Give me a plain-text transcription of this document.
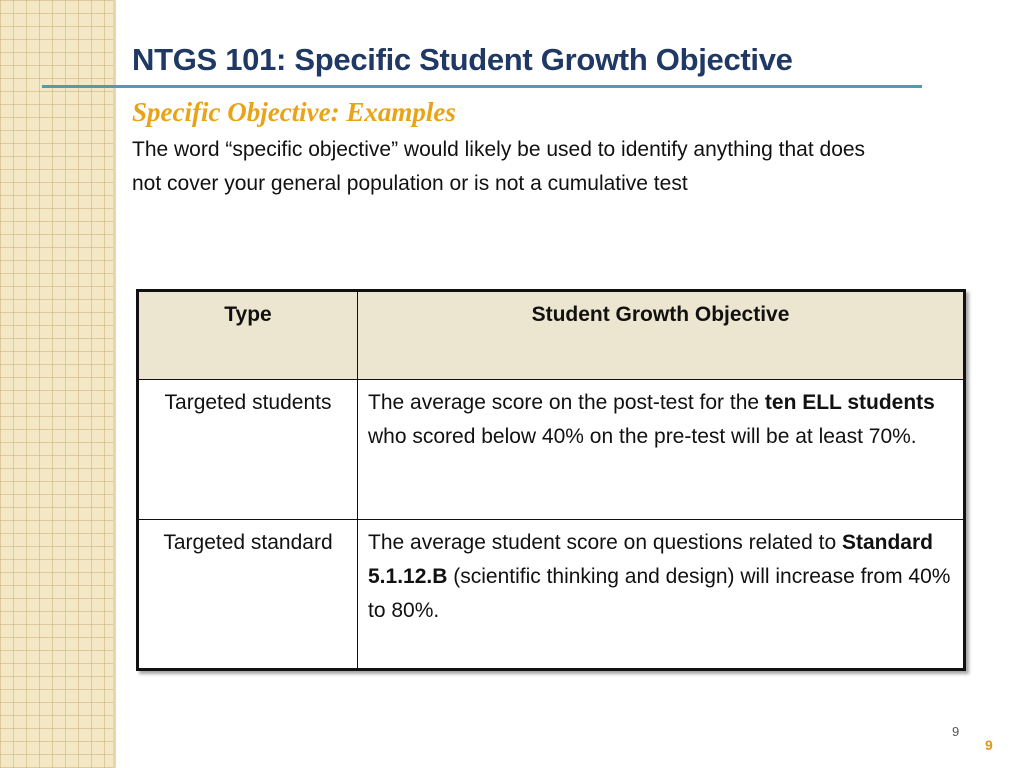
NTGS 101: Specific Student Growth Objective
Specific Objective: Examples

The word “specific objective” would likely be used to identify anything that does not cover your general population or is not a cumulative test

Type	Student Growth Objective
Targeted students	The average score on the post-test for the ten ELL students who scored below 40% on the pre-test will be at least 70%.
Targeted standard	The average student score on questions related to Standard 5.1.12.B (scientific thinking and design) will increase from 40% to 80%.
9
9
